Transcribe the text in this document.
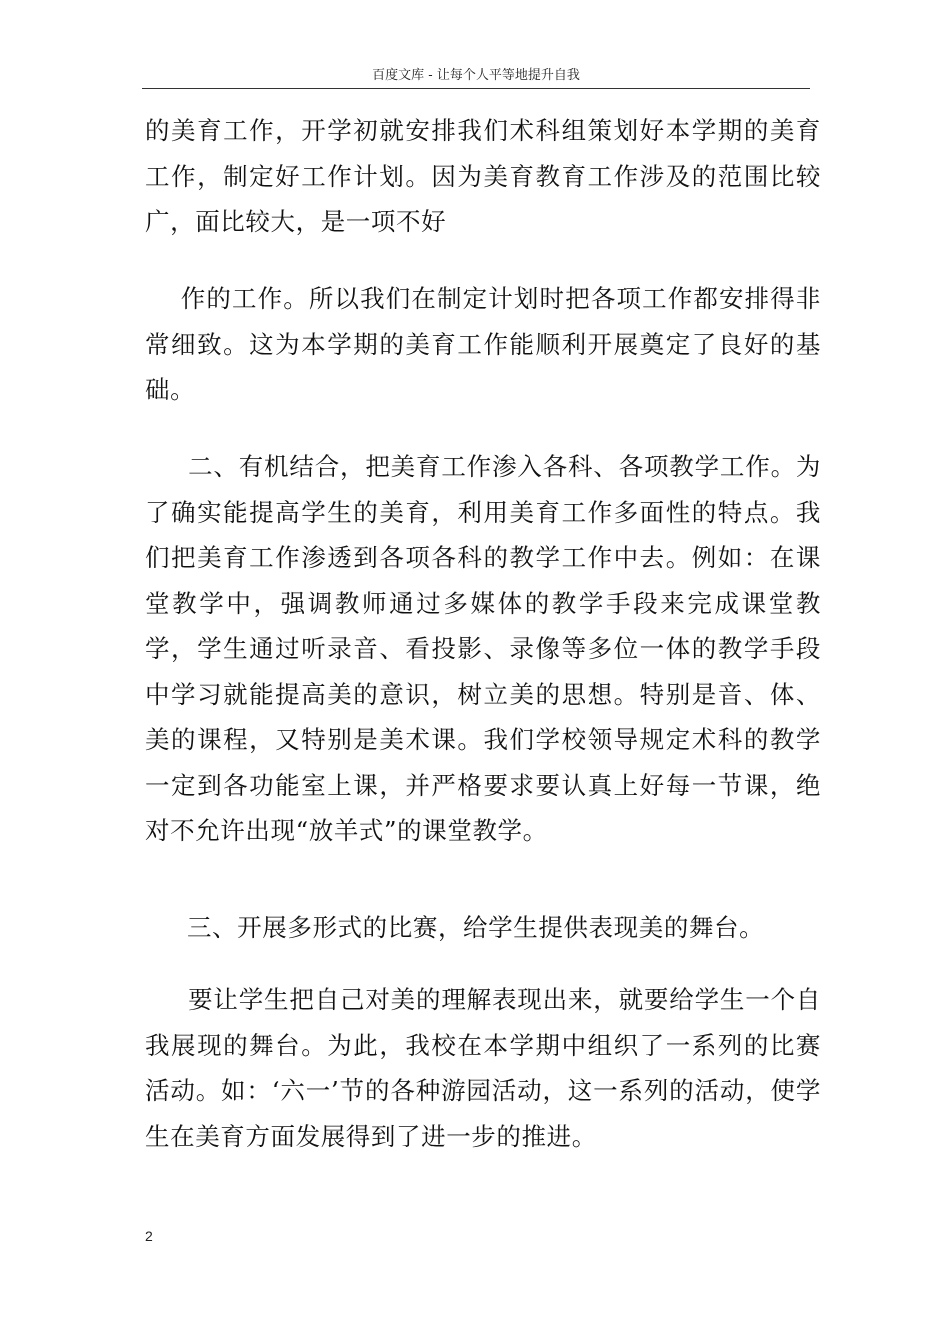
百度文库 - 让每个人平等地提升自我

的美育工作，开学初就安排我们术科组策划好本学期的美育工作，制定好工作计划。因为美育教育工作涉及的范围比较广，面比较大，是一项不好

作的工作。所以我们在制定计划时把各项工作都安排得非常细致。这为本学期的美育工作能顺利开展奠定了良好的基础。

二、有机结合，把美育工作渗入各科、各项教学工作。为了确实能提高学生的美育，利用美育工作多面性的特点。我们把美育工作渗透到各项各科的教学工作中去。例如：在课堂教学中，强调教师通过多媒体的教学手段来完成课堂教学，学生通过听录音、看投影、录像等多位一体的教学手段中学习就能提高美的意识，树立美的思想。特别是音、体、美的课程，又特别是美术课。我们学校领导规定术科的教学一定到各功能室上课，并严格要求要认真上好每一节课，绝对不允许出现“放羊式”的课堂教学。

三、开展多形式的比赛，给学生提供表现美的舞台。

要让学生把自己对美的理解表现出来，就要给学生一个自我展现的舞台。为此，我校在本学期中组织了一系列的比赛活动。如：‘六一’节的各种游园活动，这一系列的活动，使学生在美育方面发展得到了进一步的推进。

2
